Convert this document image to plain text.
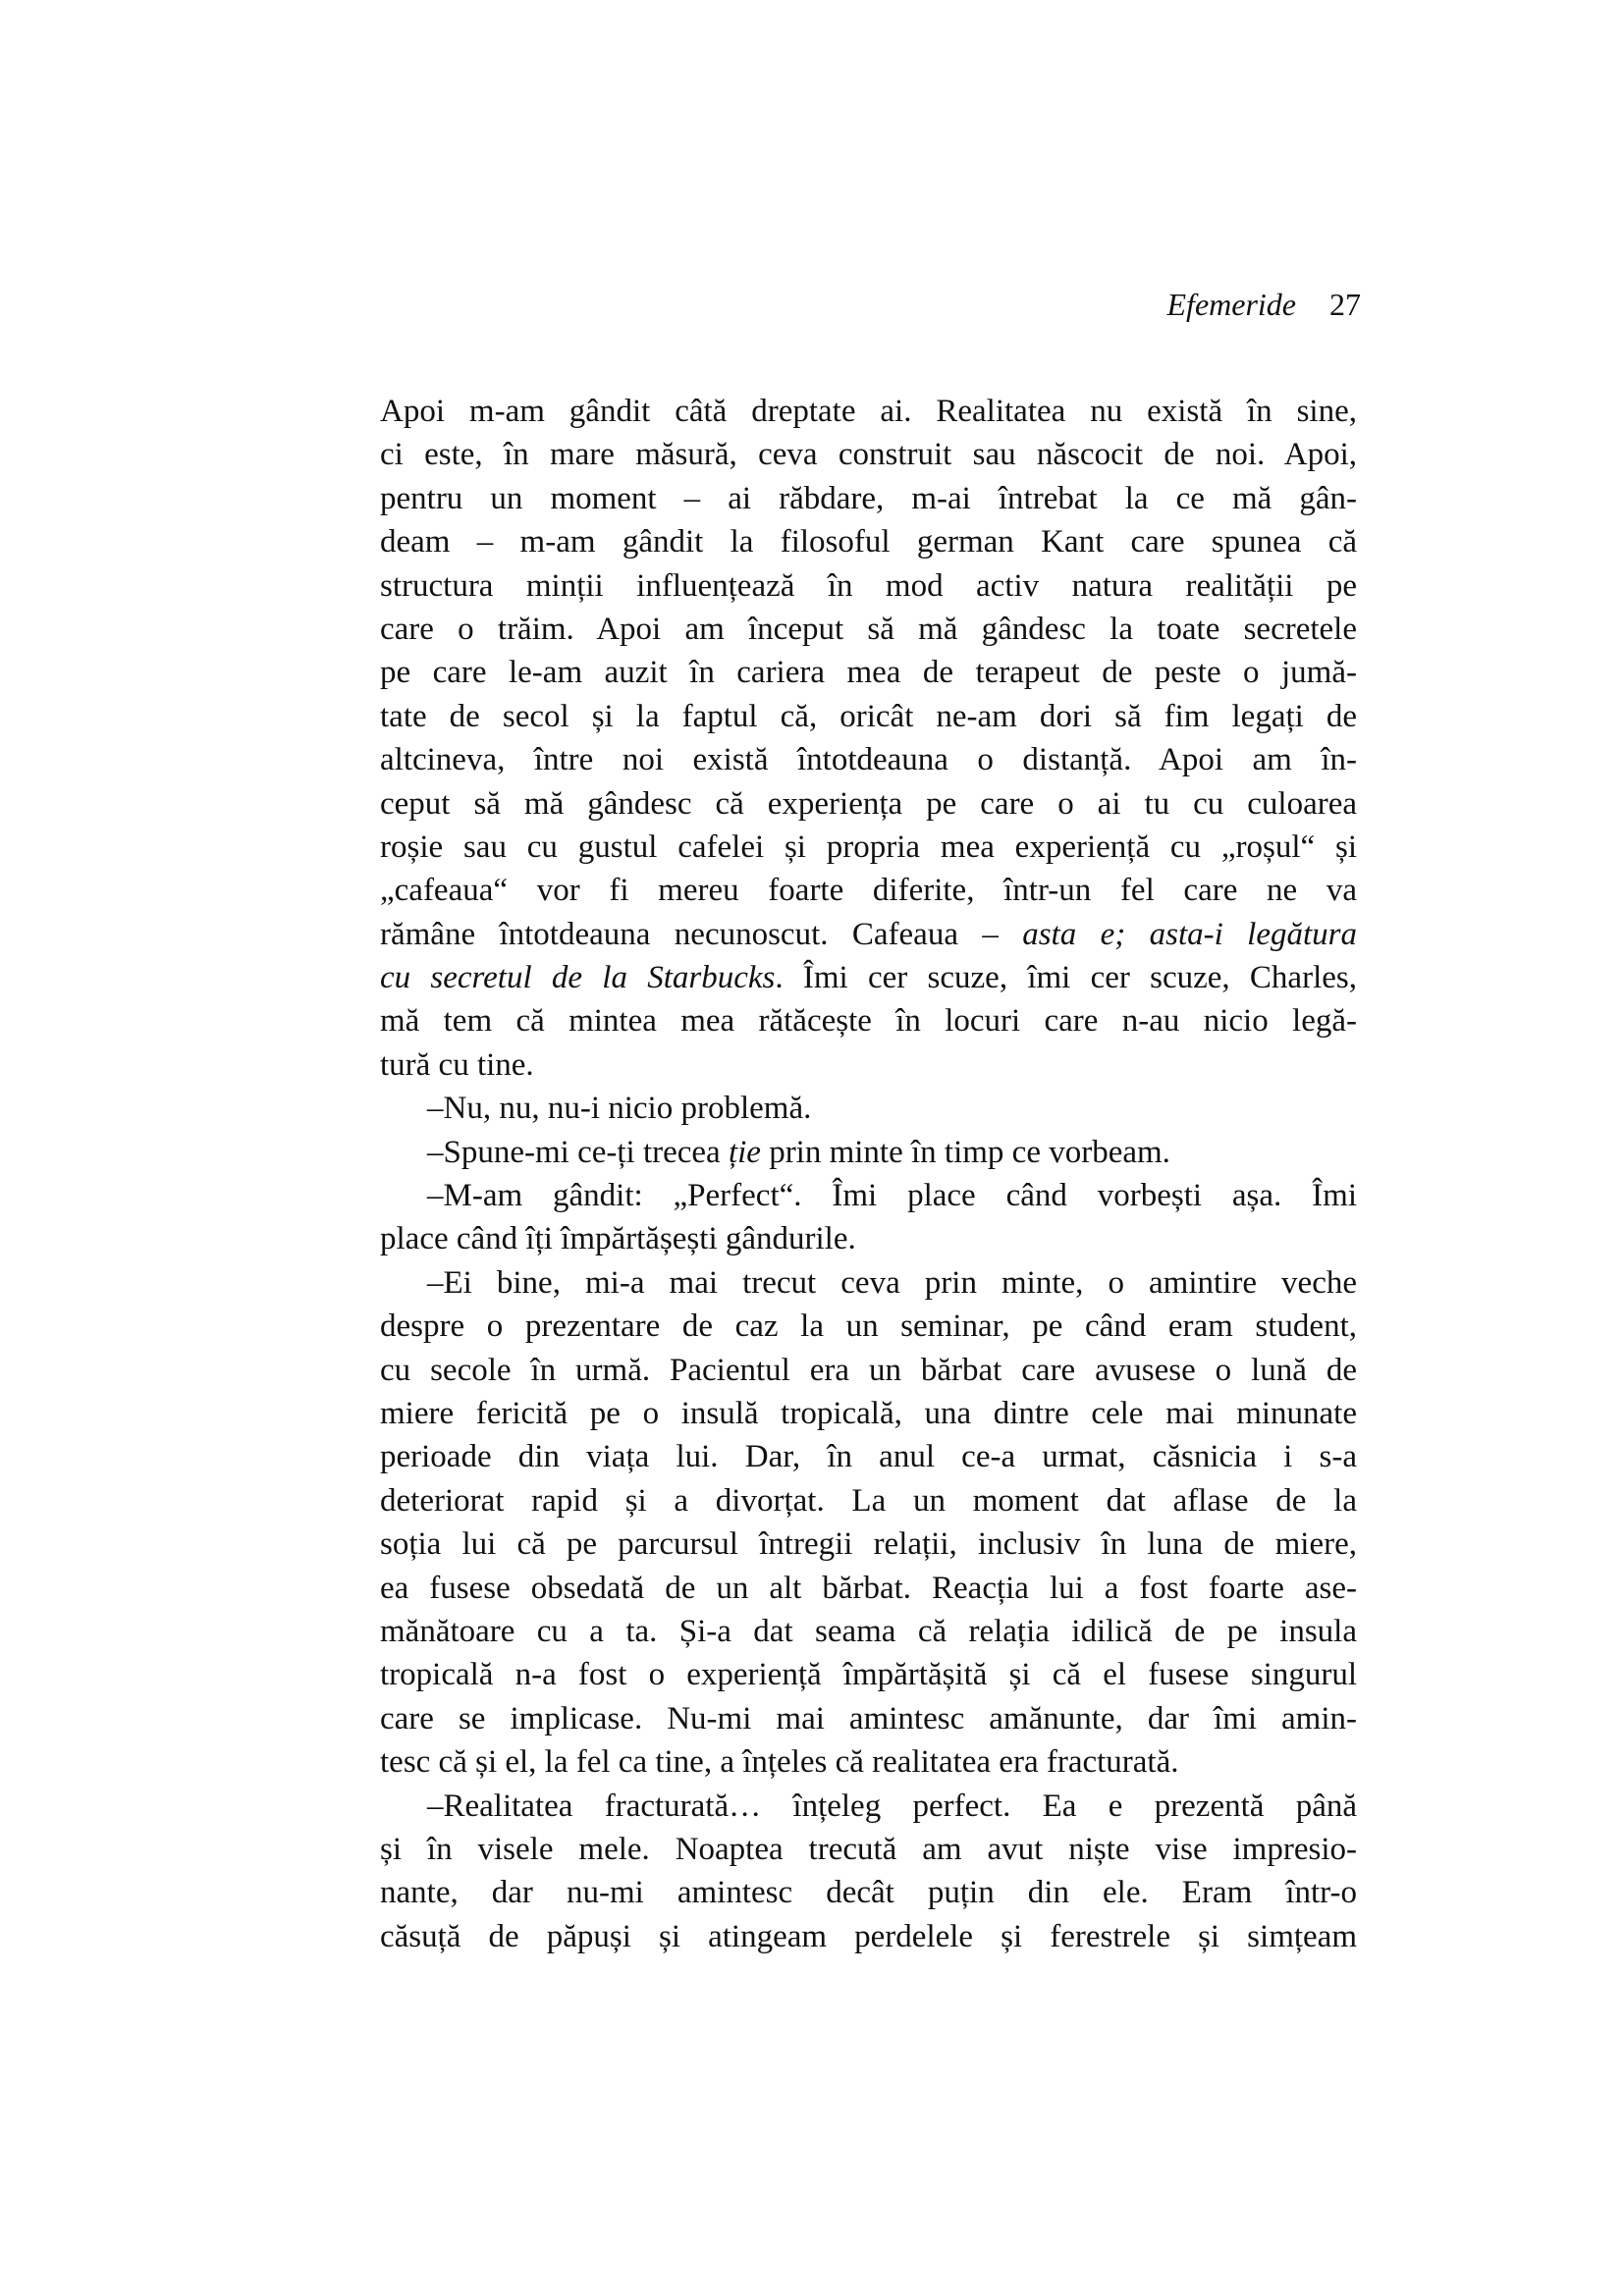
Efemeride 27
Apoi m-am gândit câtă dreptate ai. Realitatea nu există în sine,
ci este, în mare măsură, ceva construit sau născocit de noi. Apoi,
pentru un moment – ai răbdare, m-ai întrebat la ce mă gân-
deam – m-am gândit la filosoful german Kant care spunea că
structura minții influențează în mod activ natura realității pe
care o trăim. Apoi am început să mă gândesc la toate secretele
pe care le-am auzit în cariera mea de terapeut de peste o jumă-
tate de secol și la faptul că, oricât ne-am dori să fim legați de
altcineva, între noi există întotdeauna o distanță. Apoi am în-
ceput să mă gândesc că experiența pe care o ai tu cu culoarea
roșie sau cu gustul cafelei și propria mea experiență cu „roșul“ și
„cafeaua“ vor fi mereu foarte diferite, într-un fel care ne va
rămâne întotdeauna necunoscut. Cafeaua – asta e; asta-i legătura
cu secretul de la Starbucks. Îmi cer scuze, îmi cer scuze, Charles,
mă tem că mintea mea rătăcește în locuri care n-au nicio legă-
tură cu tine.
–Nu, nu, nu-i nicio problemă.
–Spune-mi ce-ți trecea ție prin minte în timp ce vorbeam.
–M-am gândit: „Perfect“. Îmi place când vorbești așa. Îmi
place când îți împărtășești gândurile.
–Ei bine, mi-a mai trecut ceva prin minte, o amintire veche
despre o prezentare de caz la un seminar, pe când eram student,
cu secole în urmă. Pacientul era un bărbat care avusese o lună de
miere fericită pe o insulă tropicală, una dintre cele mai minunate
perioade din viața lui. Dar, în anul ce-a urmat, căsnicia i s-a
deteriorat rapid și a divorțat. La un moment dat aflase de la
soția lui că pe parcursul întregii relații, inclusiv în luna de miere,
ea fusese obsedată de un alt bărbat. Reacția lui a fost foarte ase-
mănătoare cu a ta. Și-a dat seama că relația idilică de pe insula
tropicală n-a fost o experiență împărtășită și că el fusese singurul
care se implicase. Nu-mi mai amintesc amănunte, dar îmi amin-
tesc că și el, la fel ca tine, a înțeles că realitatea era fracturată.
–Realitatea fracturată… înțeleg perfect. Ea e prezentă până
și în visele mele. Noaptea trecută am avut niște vise impresio-
nante, dar nu-mi amintesc decât puțin din ele. Eram într-o
căsuță de păpuși și atingeam perdelele și ferestrele și simțeam
